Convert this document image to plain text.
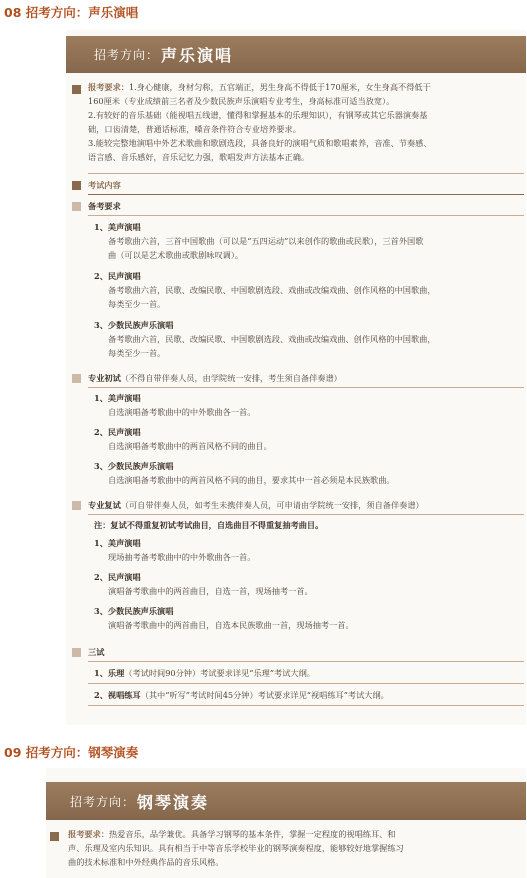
08 招考方向：声乐演唱
招考方向： 声乐演唱
报考要求：1.身心健康，身材匀称，五官端正，男生身高不得低于170厘米，女生身高不得低于
160厘米（专业成绩前三名者及少数民族声乐演唱专业考生，身高标准可适当放宽）。
2.有较好的音乐基础（能视唱五线谱，懂得和掌握基本的乐理知识），有钢琴或其它乐器演奏基
础，口齿清楚，普通话标准，嗓音条件符合专业培养要求。
3.能较完整地演唱中外艺术歌曲和歌剧选段，具备良好的演唱气质和歌唱素养，音准、节奏感、
语言感、音乐感好，音乐记忆力强，歌唱发声方法基本正确。
考试内容
备考要求
1、美声演唱
备考歌曲六首，三首中国歌曲（可以是“五四运动”以来创作的歌曲或民歌），三首外国歌
曲（可以是艺术歌曲或歌剧咏叹调）。
2、民声演唱
备考歌曲六首，民歌、改编民歌、中国歌剧选段、戏曲或改编戏曲、创作风格的中国歌曲，
每类至少一首。
3、少数民族声乐演唱
备考歌曲六首，民歌、改编民歌、中国歌剧选段、戏曲或改编戏曲、创作风格的中国歌曲，
每类至少一首。
专业初试（不得自带伴奏人员，由学院统一安排，考生须自备伴奏谱）
1、美声演唱
自选演唱备考歌曲中的中外歌曲各一首。
2、民声演唱
自选演唱备考歌曲中的两首风格不同的曲目。
3、少数民族声乐演唱
自选演唱备考歌曲中的两首风格不同的曲目，要求其中一首必须是本民族歌曲。
专业复试（可自带伴奏人员，如考生未携伴奏人员，可申请由学院统一安排，须自备伴奏谱）
注：复试不得重复初试考试曲目，自选曲目不得重复抽考曲目。
1、美声演唱
现场抽考备考歌曲中的中外歌曲各一首。
2、民声演唱
演唱备考歌曲中的两首曲目，自选一首，现场抽考一首。
3、少数民族声乐演唱
演唱备考歌曲中的两首曲目，自选本民族歌曲一首，现场抽考一首。
三试
1、乐理（考试时间90分钟）考试要求详见“乐理”考试大纲。
2、视唱练耳（其中“听写”考试时间45分钟）考试要求详见“视唱练耳”考试大纲。
09 招考方向：钢琴演奏
招考方向： 钢琴演奏
报考要求：热爱音乐，品学兼优。具备学习钢琴的基本条件，掌握一定程度的视唱练耳、和
声、乐理及室内乐知识。具有相当于中等音乐学校毕业的钢琴演奏程度，能够较好地掌握练习
曲的技术标准和中外经典作品的音乐风格。
